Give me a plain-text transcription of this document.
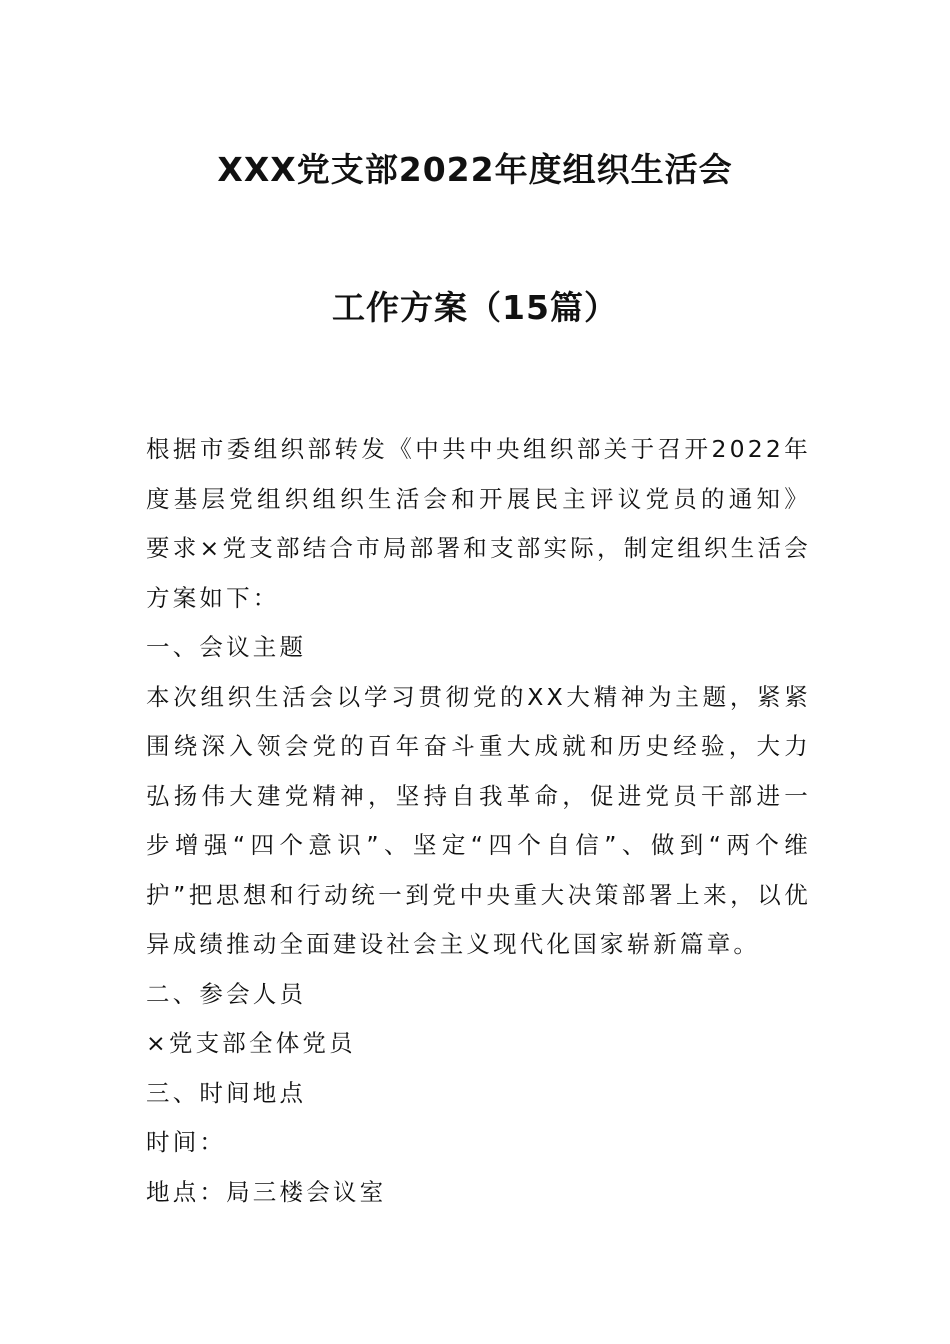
XXX党支部2022年度组织生活会
工作方案（15篇）

根据市委组织部转发《中共中央组织部关于召开2022年度基层党组织组织生活会和开展民主评议党员的通知》要求×党支部结合市局部署和支部实际，制定组织生活会方案如下：

一、会议主题

本次组织生活会以学习贯彻党的XX大精神为主题，紧紧围绕深入领会党的百年奋斗重大成就和历史经验，大力弘扬伟大建党精神，坚持自我革命，促进党员干部进一步增强“四个意识”、坚定“四个自信”、做到“两个维护”把思想和行动统一到党中央重大决策部署上来，以优异成绩推动全面建设社会主义现代化国家崭新篇章。

二、参会人员

×党支部全体党员

三、时间地点

时间：

地点：局三楼会议室
